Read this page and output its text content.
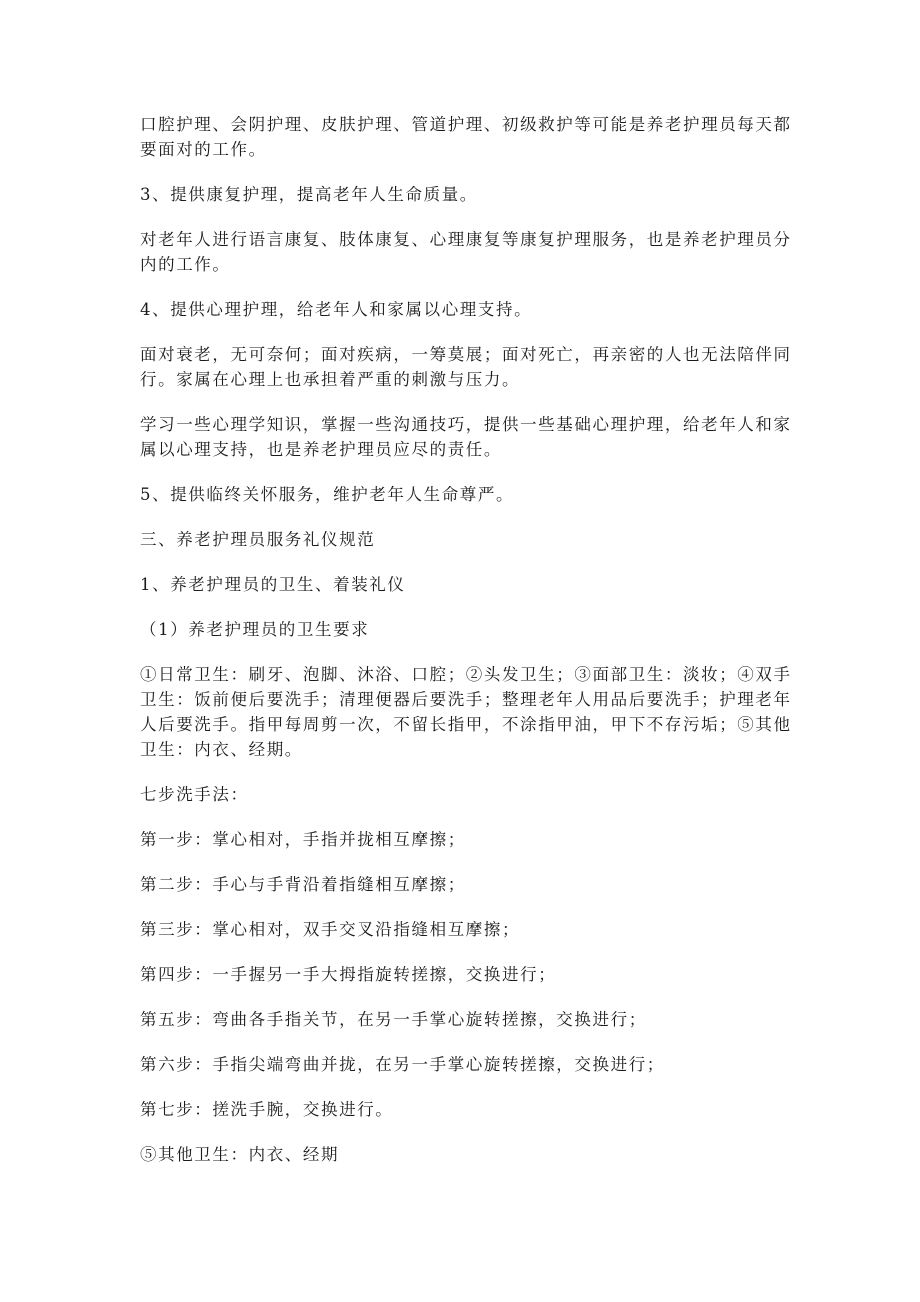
口腔护理、会阴护理、皮肤护理、管道护理、初级救护等可能是养老护理员每天都要面对的工作。

3、提供康复护理，提高老年人生命质量。

对老年人进行语言康复、肢体康复、心理康复等康复护理服务，也是养老护理员分内的工作。

4、提供心理护理，给老年人和家属以心理支持。

面对衰老，无可奈何；面对疾病，一筹莫展；面对死亡，再亲密的人也无法陪伴同行。家属在心理上也承担着严重的刺激与压力。

学习一些心理学知识，掌握一些沟通技巧，提供一些基础心理护理，给老年人和家属以心理支持，也是养老护理员应尽的责任。

5、提供临终关怀服务，维护老年人生命尊严。

三、养老护理员服务礼仪规范

1、养老护理员的卫生、着装礼仪

（1）养老护理员的卫生要求

①日常卫生：刷牙、泡脚、沐浴、口腔；②头发卫生；③面部卫生：淡妆；④双手卫生：饭前便后要洗手；清理便器后要洗手；整理老年人用品后要洗手；护理老年人后要洗手。指甲每周剪一次，不留长指甲，不涂指甲油，甲下不存污垢；⑤其他卫生：内衣、经期。

七步洗手法：

第一步：掌心相对，手指并拢相互摩擦；

第二步：手心与手背沿着指缝相互摩擦；

第三步：掌心相对，双手交叉沿指缝相互摩擦；

第四步：一手握另一手大拇指旋转搓擦，交换进行；

第五步：弯曲各手指关节，在另一手掌心旋转搓擦，交换进行；

第六步：手指尖端弯曲并拢，在另一手掌心旋转搓擦，交换进行；

第七步：搓洗手腕，交换进行。

⑤其他卫生：内衣、经期
